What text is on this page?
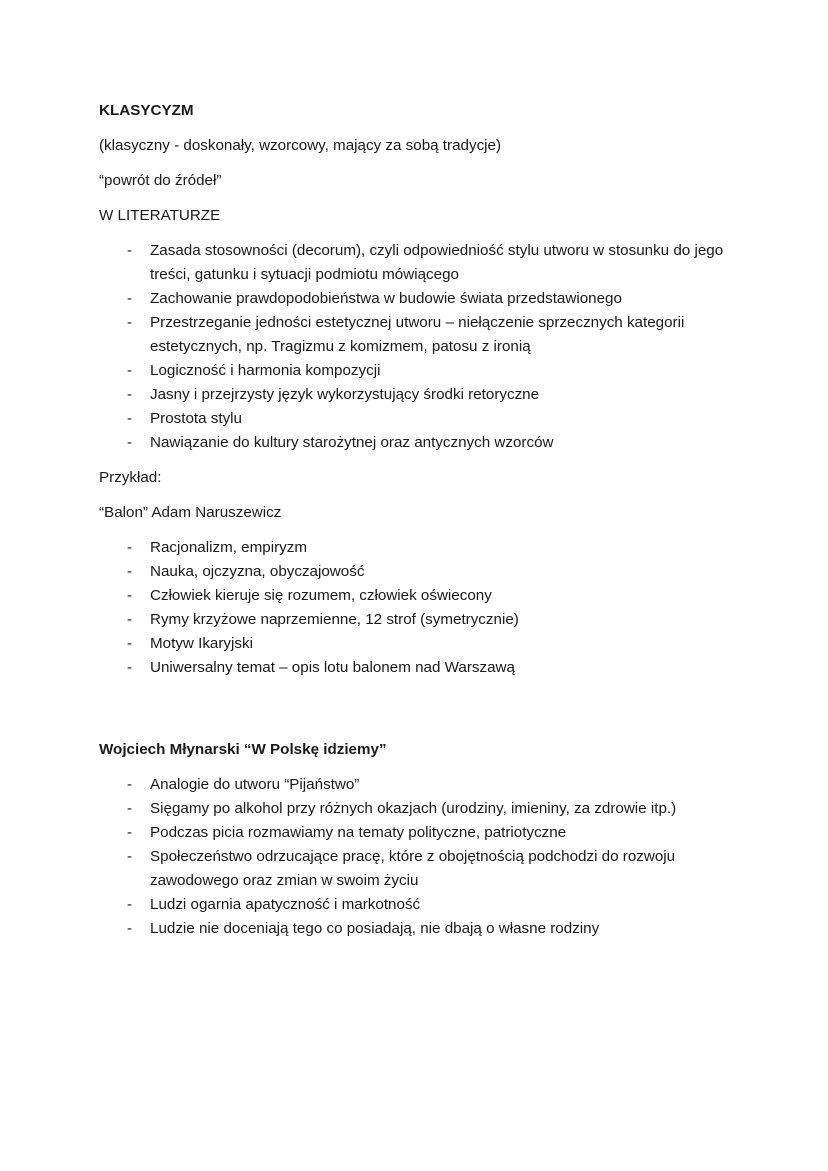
KLASYCYZM

(klasyczny - doskonały, wzorcowy, mający za sobą tradycje)

“powrót do źródeł”

W LITERATURZE

-	Zasada stosowności (decorum), czyli odpowiedniość stylu utworu w stosunku do jego treści, gatunku i sytuacji podmiotu mówiącego
-	Zachowanie prawdopodobieństwa w budowie świata przedstawionego
-	Przestrzeganie jedności estetycznej utworu – niełączenie sprzecznych kategorii estetycznych, np. Tragizmu z komizmem, patosu z ironią
-	Logiczność i harmonia kompozycji
-	Jasny i przejrzysty język wykorzystujący środki retoryczne
-	Prostota stylu
-	Nawiązanie do kultury starożytnej oraz antycznych wzorców

Przykład:

“Balon” Adam Naruszewicz

-	Racjonalizm, empiryzm
-	Nauka, ojczyzna, obyczajowość
-	Człowiek kieruje się rozumem, człowiek oświecony
-	Rymy krzyżowe naprzemienne, 12 strof (symetrycznie)
-	Motyw Ikaryjski
-	Uniwersalny temat – opis lotu balonem nad Warszawą

Wojciech Młynarski “W Polskę idziemy”

-	Analogie do utworu “Pijaństwo”
-	Sięgamy po alkohol przy różnych okazjach (urodziny, imieniny, za zdrowie itp.)
-	Podczas picia rozmawiamy na tematy polityczne, patriotyczne
-	Społeczeństwo odrzucające pracę, które z obojętnością podchodzi do rozwoju zawodowego oraz zmian w swoim życiu
-	Ludzi ogarnia apatyczność i markotność
-	Ludzie nie doceniają tego co posiadają, nie dbają o własne rodziny
